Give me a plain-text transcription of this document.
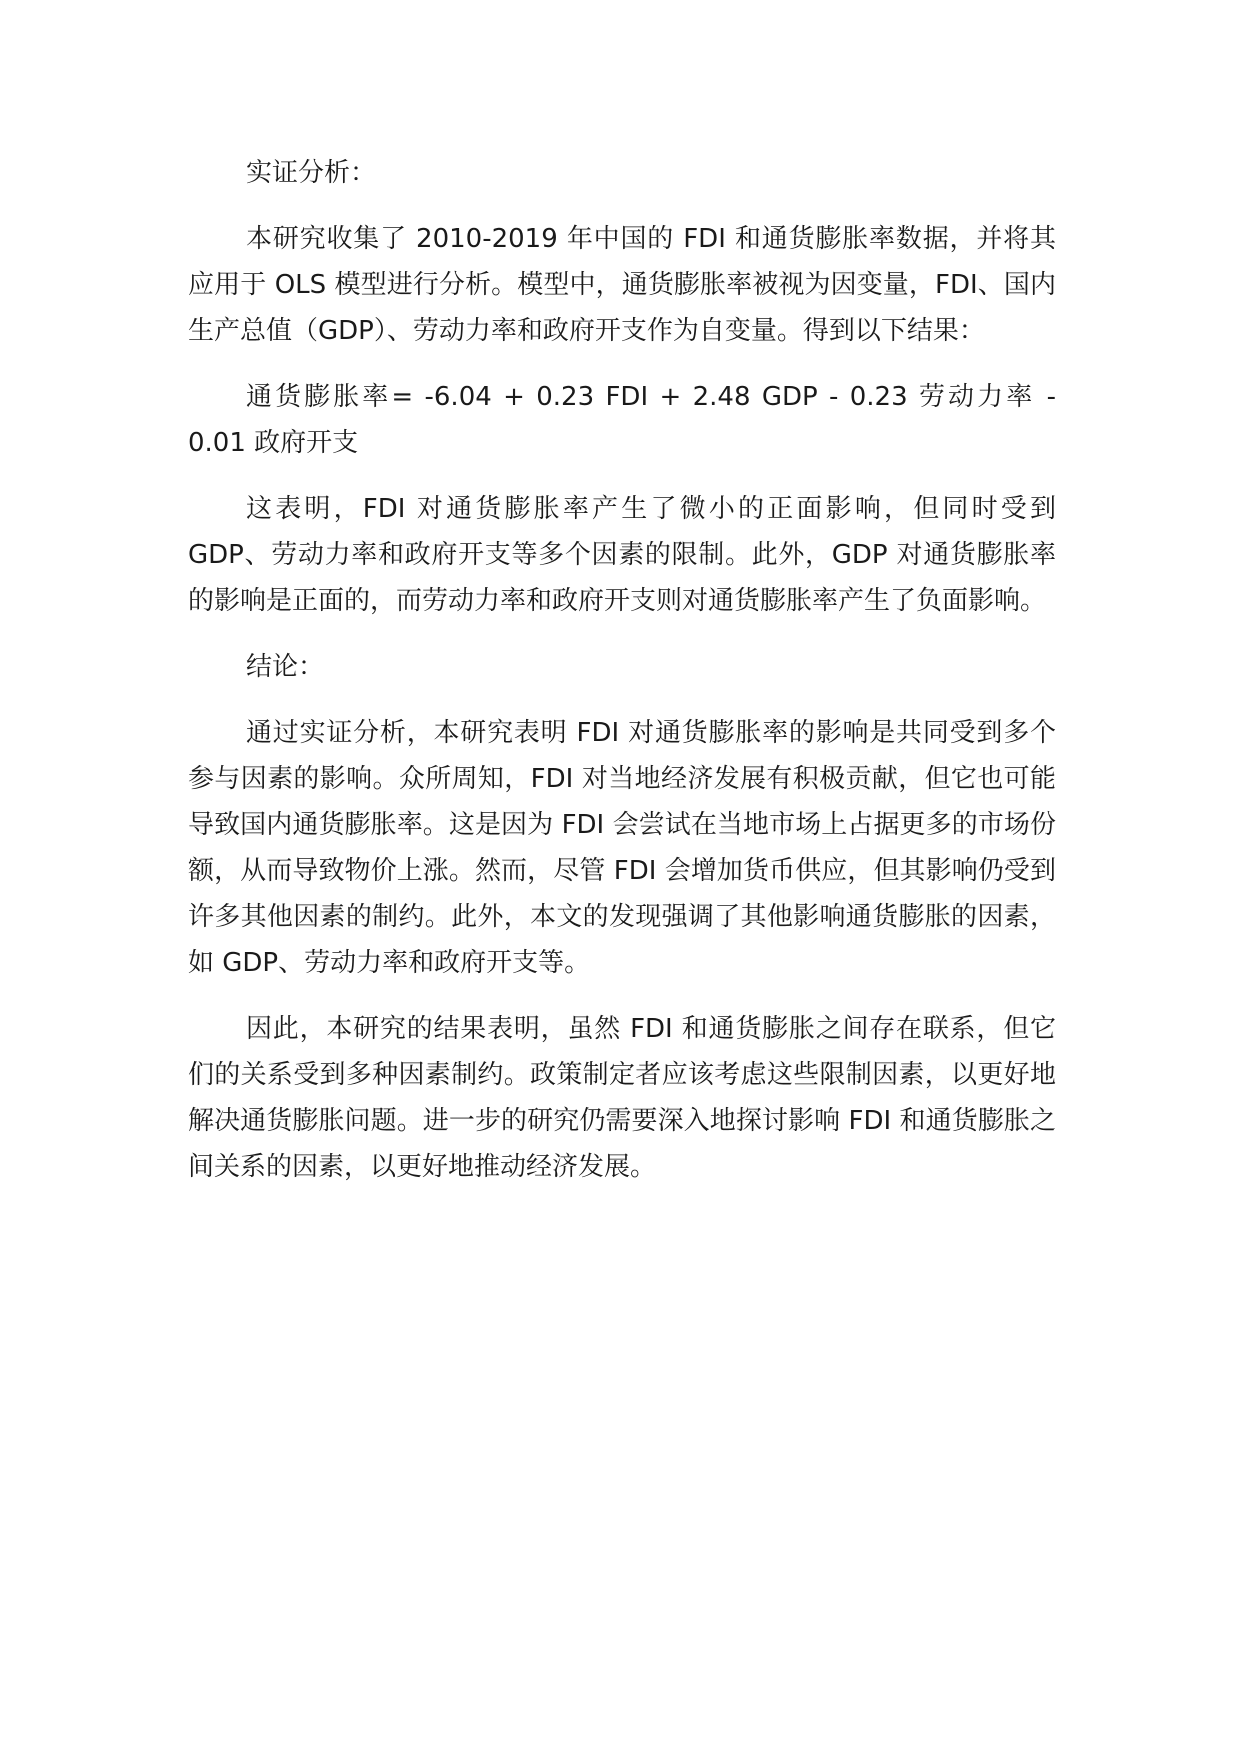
实证分析：

本研究收集了 2010-2019 年中国的 FDI 和通货膨胀率数据，并将其应用于 OLS 模型进行分析。模型中，通货膨胀率被视为因变量，FDI、国内生产总值（GDP）、劳动力率和政府开支作为自变量。得到以下结果：

通货膨胀率= -6.04 + 0.23 FDI + 2.48 GDP - 0.23 劳动力率 - 0.01 政府开支

这表明，FDI 对通货膨胀率产生了微小的正面影响，但同时受到 GDP、劳动力率和政府开支等多个因素的限制。此外，GDP 对通货膨胀率的影响是正面的，而劳动力率和政府开支则对通货膨胀率产生了负面影响。

结论：

通过实证分析，本研究表明 FDI 对通货膨胀率的影响是共同受到多个参与因素的影响。众所周知，FDI 对当地经济发展有积极贡献，但它也可能导致国内通货膨胀率。这是因为 FDI 会尝试在当地市场上占据更多的市场份额，从而导致物价上涨。然而，尽管 FDI 会增加货币供应，但其影响仍受到许多其他因素的制约。此外，本文的发现强调了其他影响通货膨胀的因素，如 GDP、劳动力率和政府开支等。

因此，本研究的结果表明，虽然 FDI 和通货膨胀之间存在联系，但它们的关系受到多种因素制约。政策制定者应该考虑这些限制因素，以更好地解决通货膨胀问题。进一步的研究仍需要深入地探讨影响 FDI 和通货膨胀之间关系的因素，以更好地推动经济发展。
